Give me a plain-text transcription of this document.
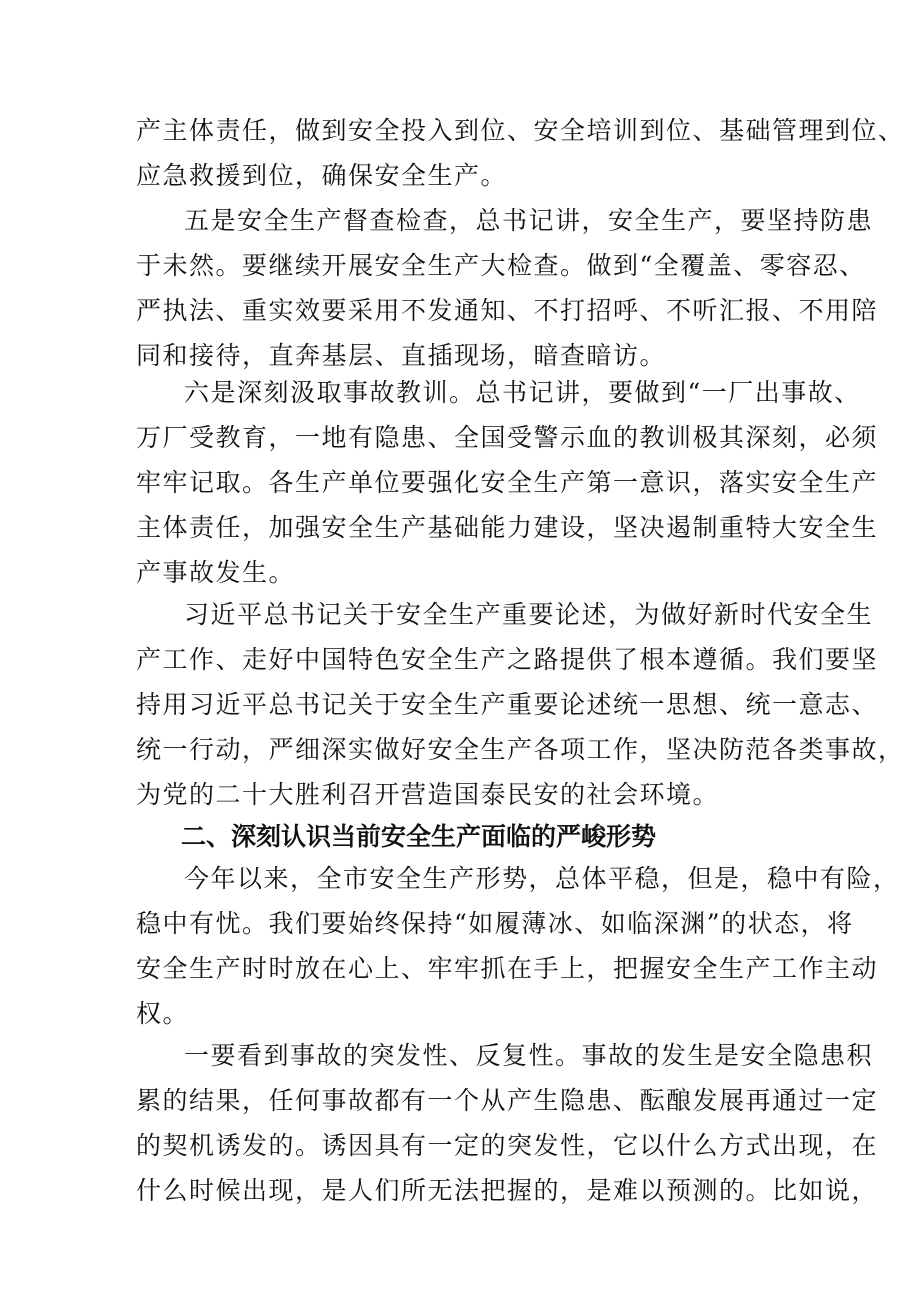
产主体责任，做到安全投入到位、安全培训到位、基础管理到位、
应急救援到位，确保安全生产。
五是安全生产督查检查，总书记讲，安全生产，要坚持防患
于未然。要继续开展安全生产大检查。做到“全覆盖、零容忍、
严执法、重实效要采用不发通知、不打招呼、不听汇报、不用陪
同和接待，直奔基层、直插现场，暗查暗访。
六是深刻汲取事故教训。总书记讲，要做到“一厂出事故、
万厂受教育，一地有隐患、全国受警示血的教训极其深刻，必须
牢牢记取。各生产单位要强化安全生产第一意识，落实安全生产
主体责任，加强安全生产基础能力建设，坚决遏制重特大安全生
产事故发生。
习近平总书记关于安全生产重要论述，为做好新时代安全生
产工作、走好中国特色安全生产之路提供了根本遵循。我们要坚
持用习近平总书记关于安全生产重要论述统一思想、统一意志、
统一行动，严细深实做好安全生产各项工作，坚决防范各类事故，
为党的二十大胜利召开营造国泰民安的社会环境。
二、深刻认识当前安全生产面临的严峻形势
今年以来，全市安全生产形势，总体平稳，但是，稳中有险，
稳中有忧。我们要始终保持“如履薄冰、如临深渊”的状态，将
安全生产时时放在心上、牢牢抓在手上，把握安全生产工作主动
权。
一要看到事故的突发性、反复性。事故的发生是安全隐患积
累的结果，任何事故都有一个从产生隐患、酝酿发展再通过一定
的契机诱发的。诱因具有一定的突发性，它以什么方式出现，在
什么时候出现，是人们所无法把握的，是难以预测的。比如说，
